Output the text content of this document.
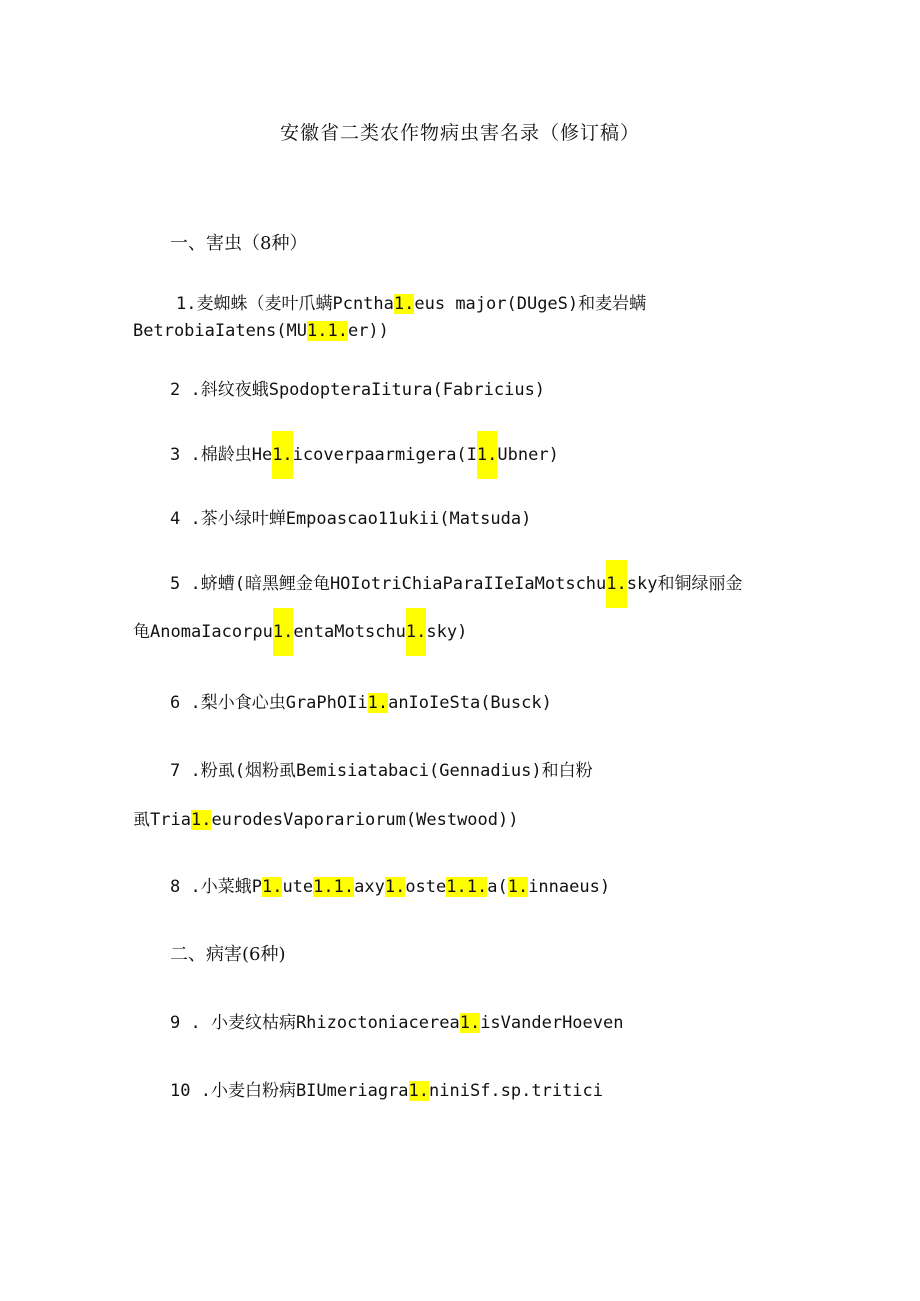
安徽省二类农作物病虫害名录（修订稿）
一、害虫（8种）
1.麦蜘蛛（麦叶爪螨Pcntha1.eus major(DUgeS)和麦岩螨
BetrobiaIatens(MU1.1.er))
2 .斜纹夜蛾SpodopteraIitura(Fabricius)
3 .棉龄虫He1.icoverpaarmigera(I1.Ubner)
4 .茶小绿叶蝉Empoascao11ukii(Matsuda)
5 .蛴螬(暗黑鲤金龟HOIotriChiaParaIIeIaMotschu1.sky和铜绿丽金
龟AnomaIacorρu1.entaMotschu1.sky)
6 .梨小食心虫GraPhOIi1.anIoIeSta(Busck)
7 .粉虱(烟粉虱Bemisiatabaci(Gennadius)和白粉
虱Tria1.eurodesVaporariorum(Westwood))
8 .小菜蛾P1.ute1.1.axy1.oste1.1.a(1.innaeus)
二、病害(6种)
9 . 小麦纹枯病Rhizoctoniacerea1.isVanderHoeven
10 .小麦白粉病BIUmeriagra1.niniSf.sp.tritici
